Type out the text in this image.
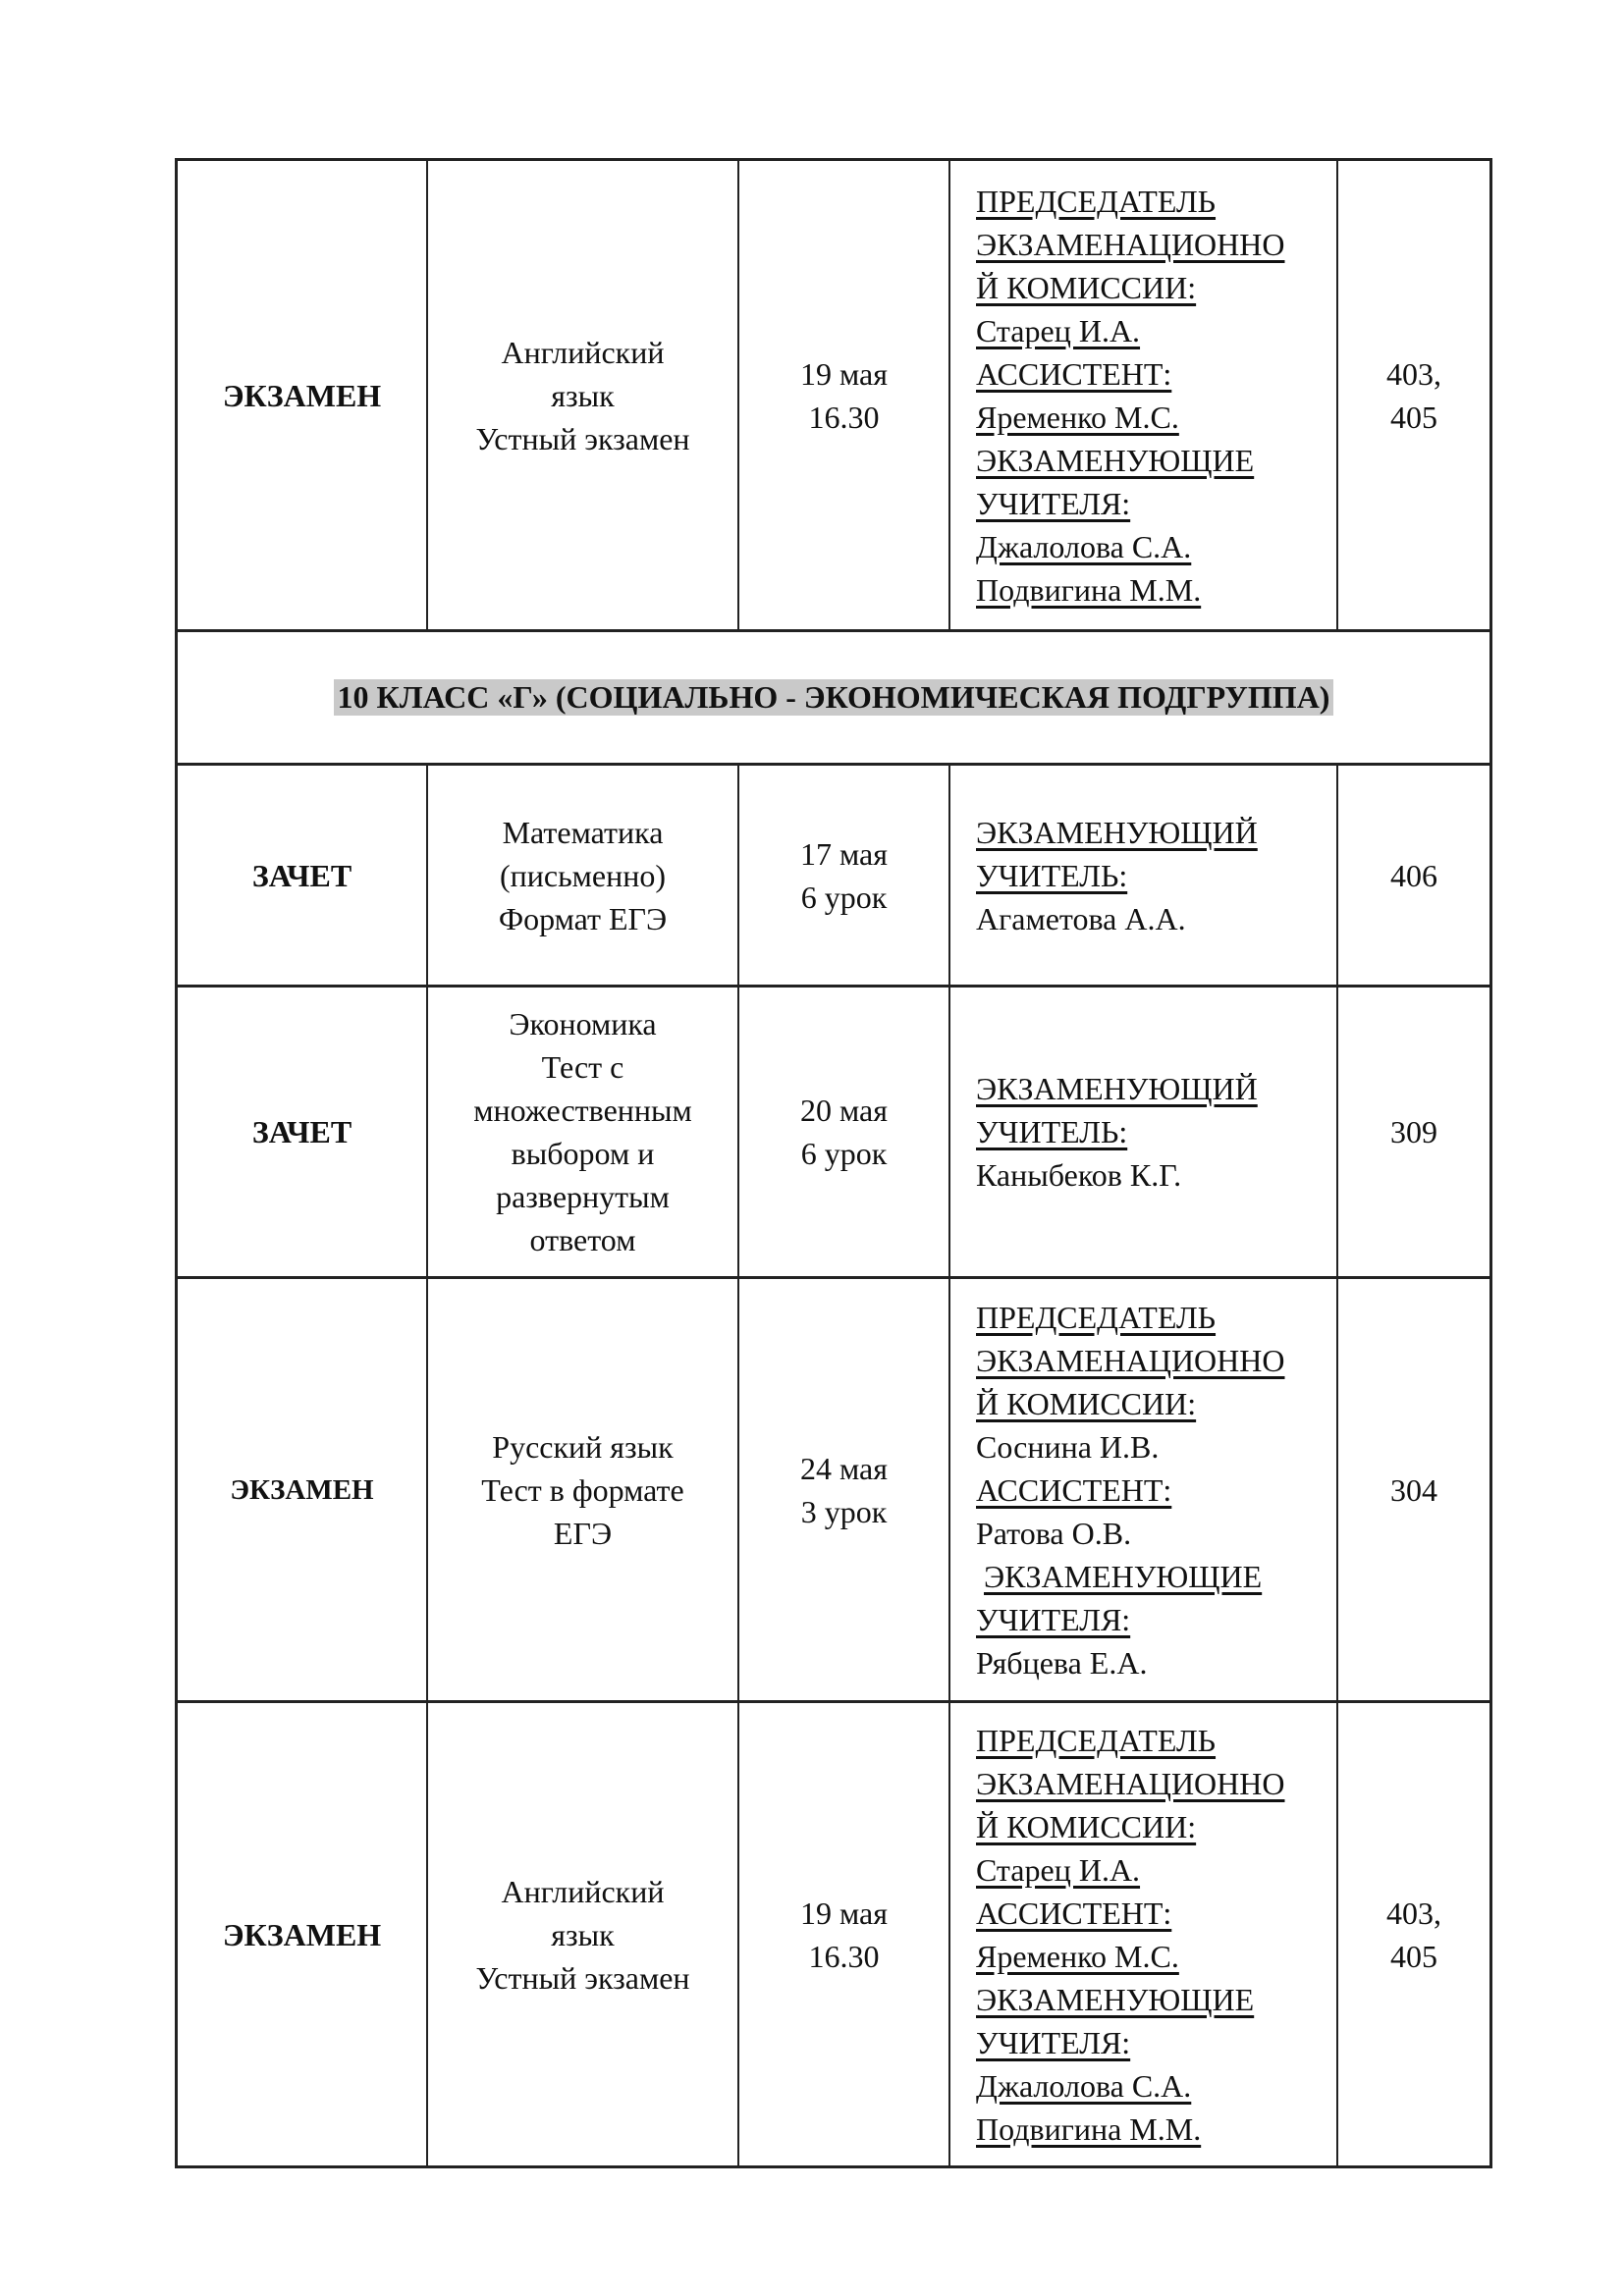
ЭКЗАМЕН
Английский
язык
Устный экзамен
19 мая
16.30
ПРЕДСЕДАТЕЛЬ
ЭКЗАМЕНАЦИОННО
Й КОМИССИИ:
Старец И.А.
АССИСТЕНТ:
Яременко М.С.
ЭКЗАМЕНУЮЩИЕ
УЧИТЕЛЯ:
Джалолова С.А.
Подвигина М.М.
403,
405
10 КЛАСС «Г» (СОЦИАЛЬНО - ЭКОНОМИЧЕСКАЯ ПОДГРУППА)
ЗАЧЕТ
Математика
(письменно)
Формат ЕГЭ
17 мая
6 урок
ЭКЗАМЕНУЮЩИЙ
УЧИТЕЛЬ:
Агаметова А.А.
406
ЗАЧЕТ
Экономика
Тест с
множественным
выбором и
развернутым
ответом
20 мая
6 урок
ЭКЗАМЕНУЮЩИЙ
УЧИТЕЛЬ:
Каныбеков К.Г.
309
ЭКЗАМЕН
Русский язык
Тест в формате
ЕГЭ
24 мая
3 урок
ПРЕДСЕДАТЕЛЬ
ЭКЗАМЕНАЦИОННО
Й КОМИССИИ:
Соснина И.В.
АССИСТЕНТ:
Ратова О.В.
ЭКЗАМЕНУЮЩИЕ
УЧИТЕЛЯ:
Рябцева Е.А.
304
ЭКЗАМЕН
Английский
язык
Устный экзамен
19 мая
16.30
ПРЕДСЕДАТЕЛЬ
ЭКЗАМЕНАЦИОННО
Й КОМИССИИ:
Старец И.А.
АССИСТЕНТ:
Яременко М.С.
ЭКЗАМЕНУЮЩИЕ
УЧИТЕЛЯ:
Джалолова С.А.
Подвигина М.М.
403,
405
